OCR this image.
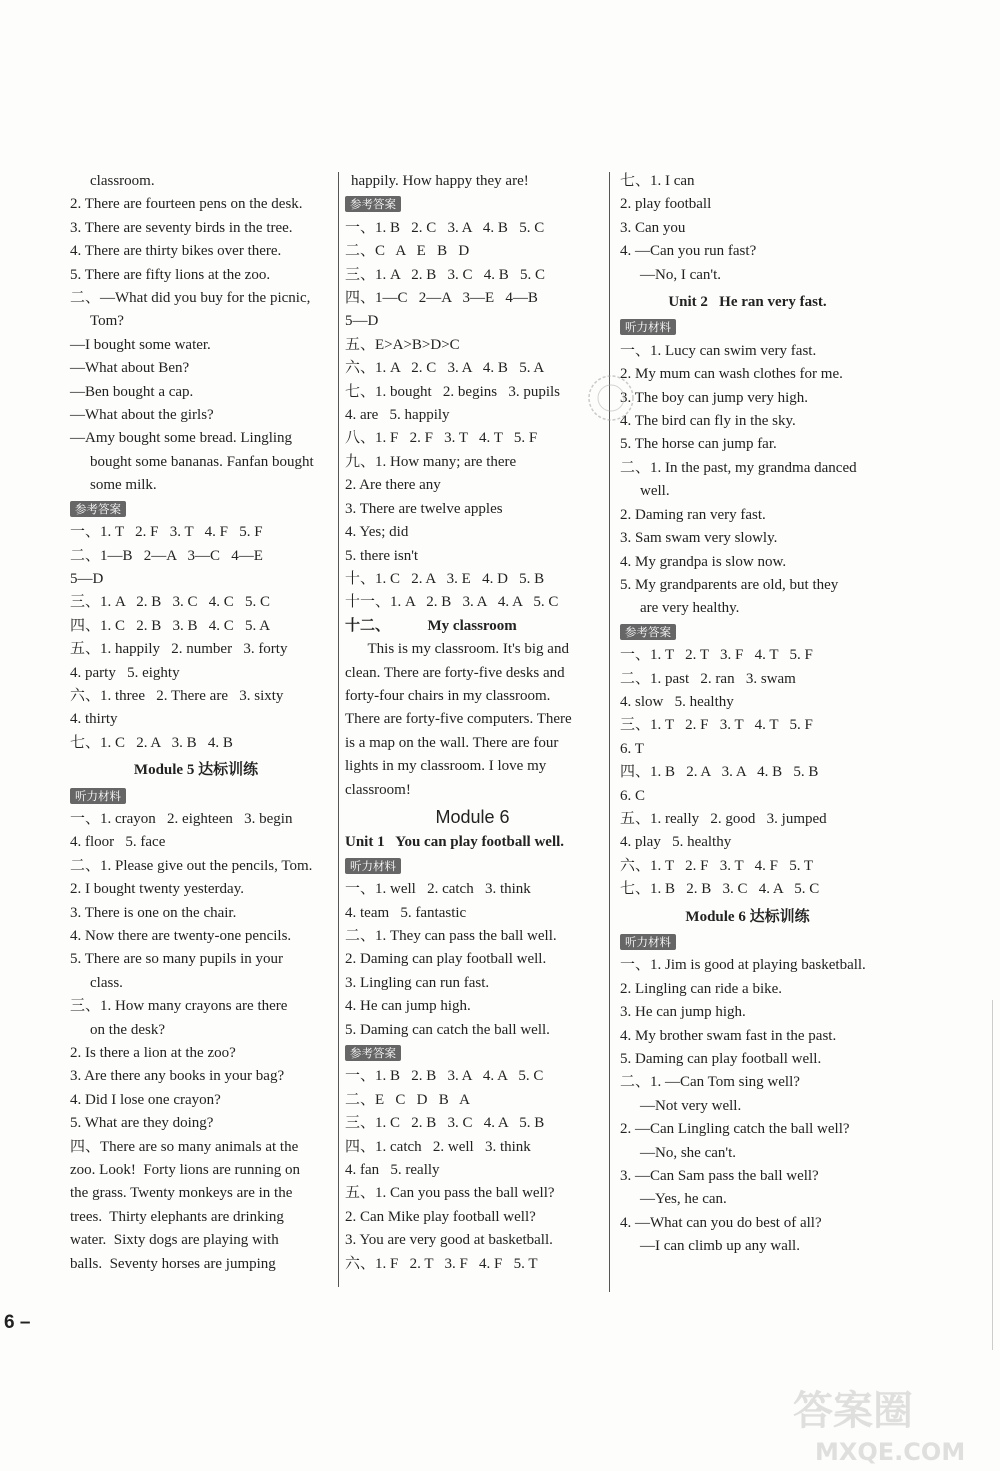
classroom.
2. There are fourteen pens on the desk.
3. There are seventy birds in the tree.
4. There are thirty bikes over there.
5. There are fifty lions at the zoo.
二、—What did you buy for the picnic,
Tom?
—I bought some water.
—What about Ben?
—Ben bought a cap.
—What about the girls?
—Amy bought some bread. Lingling
bought some bananas. Fanfan bought
some milk.
参考答案
一、1. T   2. F   3. T   4. F   5. F
二、1—B   2—A   3—C   4—E
5—D
三、1. A   2. B   3. C   4. C   5. C
四、1. C   2. B   3. B   4. C   5. A
五、1. happily   2. number   3. forty
4. party   5. eighty
六、1. three   2. There are   3. sixty
4. thirty
七、1. C   2. A   3. B   4. B
Module 5 达标训练
听力材料
一、1. crayon   2. eighteen   3. begin
4. floor   5. face
二、1. Please give out the pencils, Tom.
2. I bought twenty yesterday.
3. There is one on the chair.
4. Now there are twenty-one pencils.
5. There are so many pupils in your
class.
三、1. How many crayons are there
on the desk?
2. Is there a lion at the zoo?
3. Are there any books in your bag?
4. Did I lose one crayon?
5. What are they doing?
四、There are so many animals at the
zoo. Look!  Forty lions are running on
the grass. Twenty monkeys are in the
trees.  Thirty elephants are drinking
water.  Sixty dogs are playing with
balls.  Seventy horses are jumping
happily. How happy they are!
参考答案
一、1. B   2. C   3. A   4. B   5. C
二、C   A   E   B   D
三、1. A   2. B   3. C   4. B   5. C
四、1—C   2—A   3—E   4—B
5—D
五、E>A>B>D>C
六、1. A   2. C   3. A   4. B   5. A
七、1. bought   2. begins   3. pupils
4. are   5. happily
八、1. F   2. F   3. T   4. T   5. F
九、1. How many; are there
2. Are there any
3. There are twelve apples
4. Yes; did
5. there isn't
十、1. C   2. A   3. E   4. D   5. B
十一、1. A   2. B   3. A   4. A   5. C
十二、          My classroom
This is my classroom. It's big and
clean. There are forty-five desks and
forty-four chairs in my classroom.
There are forty-five computers. There
is a map on the wall. There are four
lights in my classroom. I love my
classroom!
Module 6
Unit 1   You can play football well.
听力材料
一、1. well   2. catch   3. think
4. team   5. fantastic
二、1. They can pass the ball well.
2. Daming can play football well.
3. Lingling can run fast.
4. He can jump high.
5. Daming can catch the ball well.
参考答案
一、1. B   2. B   3. A   4. A   5. C
二、E   C   D   B   A
三、1. C   2. B   3. C   4. A   5. B
四、1. catch   2. well   3. think
4. fan   5. really
五、1. Can you pass the ball well?
2. Can Mike play football well?
3. You are very good at basketball.
六、1. F   2. T   3. F   4. F   5. T
七、1. I can
2. play football
3. Can you
4. —Can you run fast?
—No, I can't.
Unit 2   He ran very fast.
听力材料
一、1. Lucy can swim very fast.
2. My mum can wash clothes for me.
3. The boy can jump very high.
4. The bird can fly in the sky.
5. The horse can jump far.
二、1. In the past, my grandma danced
well.
2. Daming ran very fast.
3. Sam swam very slowly.
4. My grandpa is slow now.
5. My grandparents are old, but they
are very healthy.
参考答案
一、1. T   2. T   3. F   4. T   5. F
二、1. past   2. ran   3. swam
4. slow   5. healthy
三、1. T   2. F   3. T   4. T   5. F
6. T
四、1. B   2. A   3. A   4. B   5. B
6. C
五、1. really   2. good   3. jumped
4. play   5. healthy
六、1. T   2. F   3. T   4. F   5. T
七、1. B   2. B   3. C   4. A   5. C
Module 6 达标训练
听力材料
一、1. Jim is good at playing basketball.
2. Lingling can ride a bike.
3. He can jump high.
4. My brother swam fast in the past.
5. Daming can play football well.
二、1. —Can Tom sing well?
—Not very well.
2. —Can Lingling catch the ball well?
—No, she can't.
3. —Can Sam pass the ball well?
—Yes, he can.
4. —What can you do best of all?
—I can climb up any wall.
6 –
答案圈
MXQE.COM
